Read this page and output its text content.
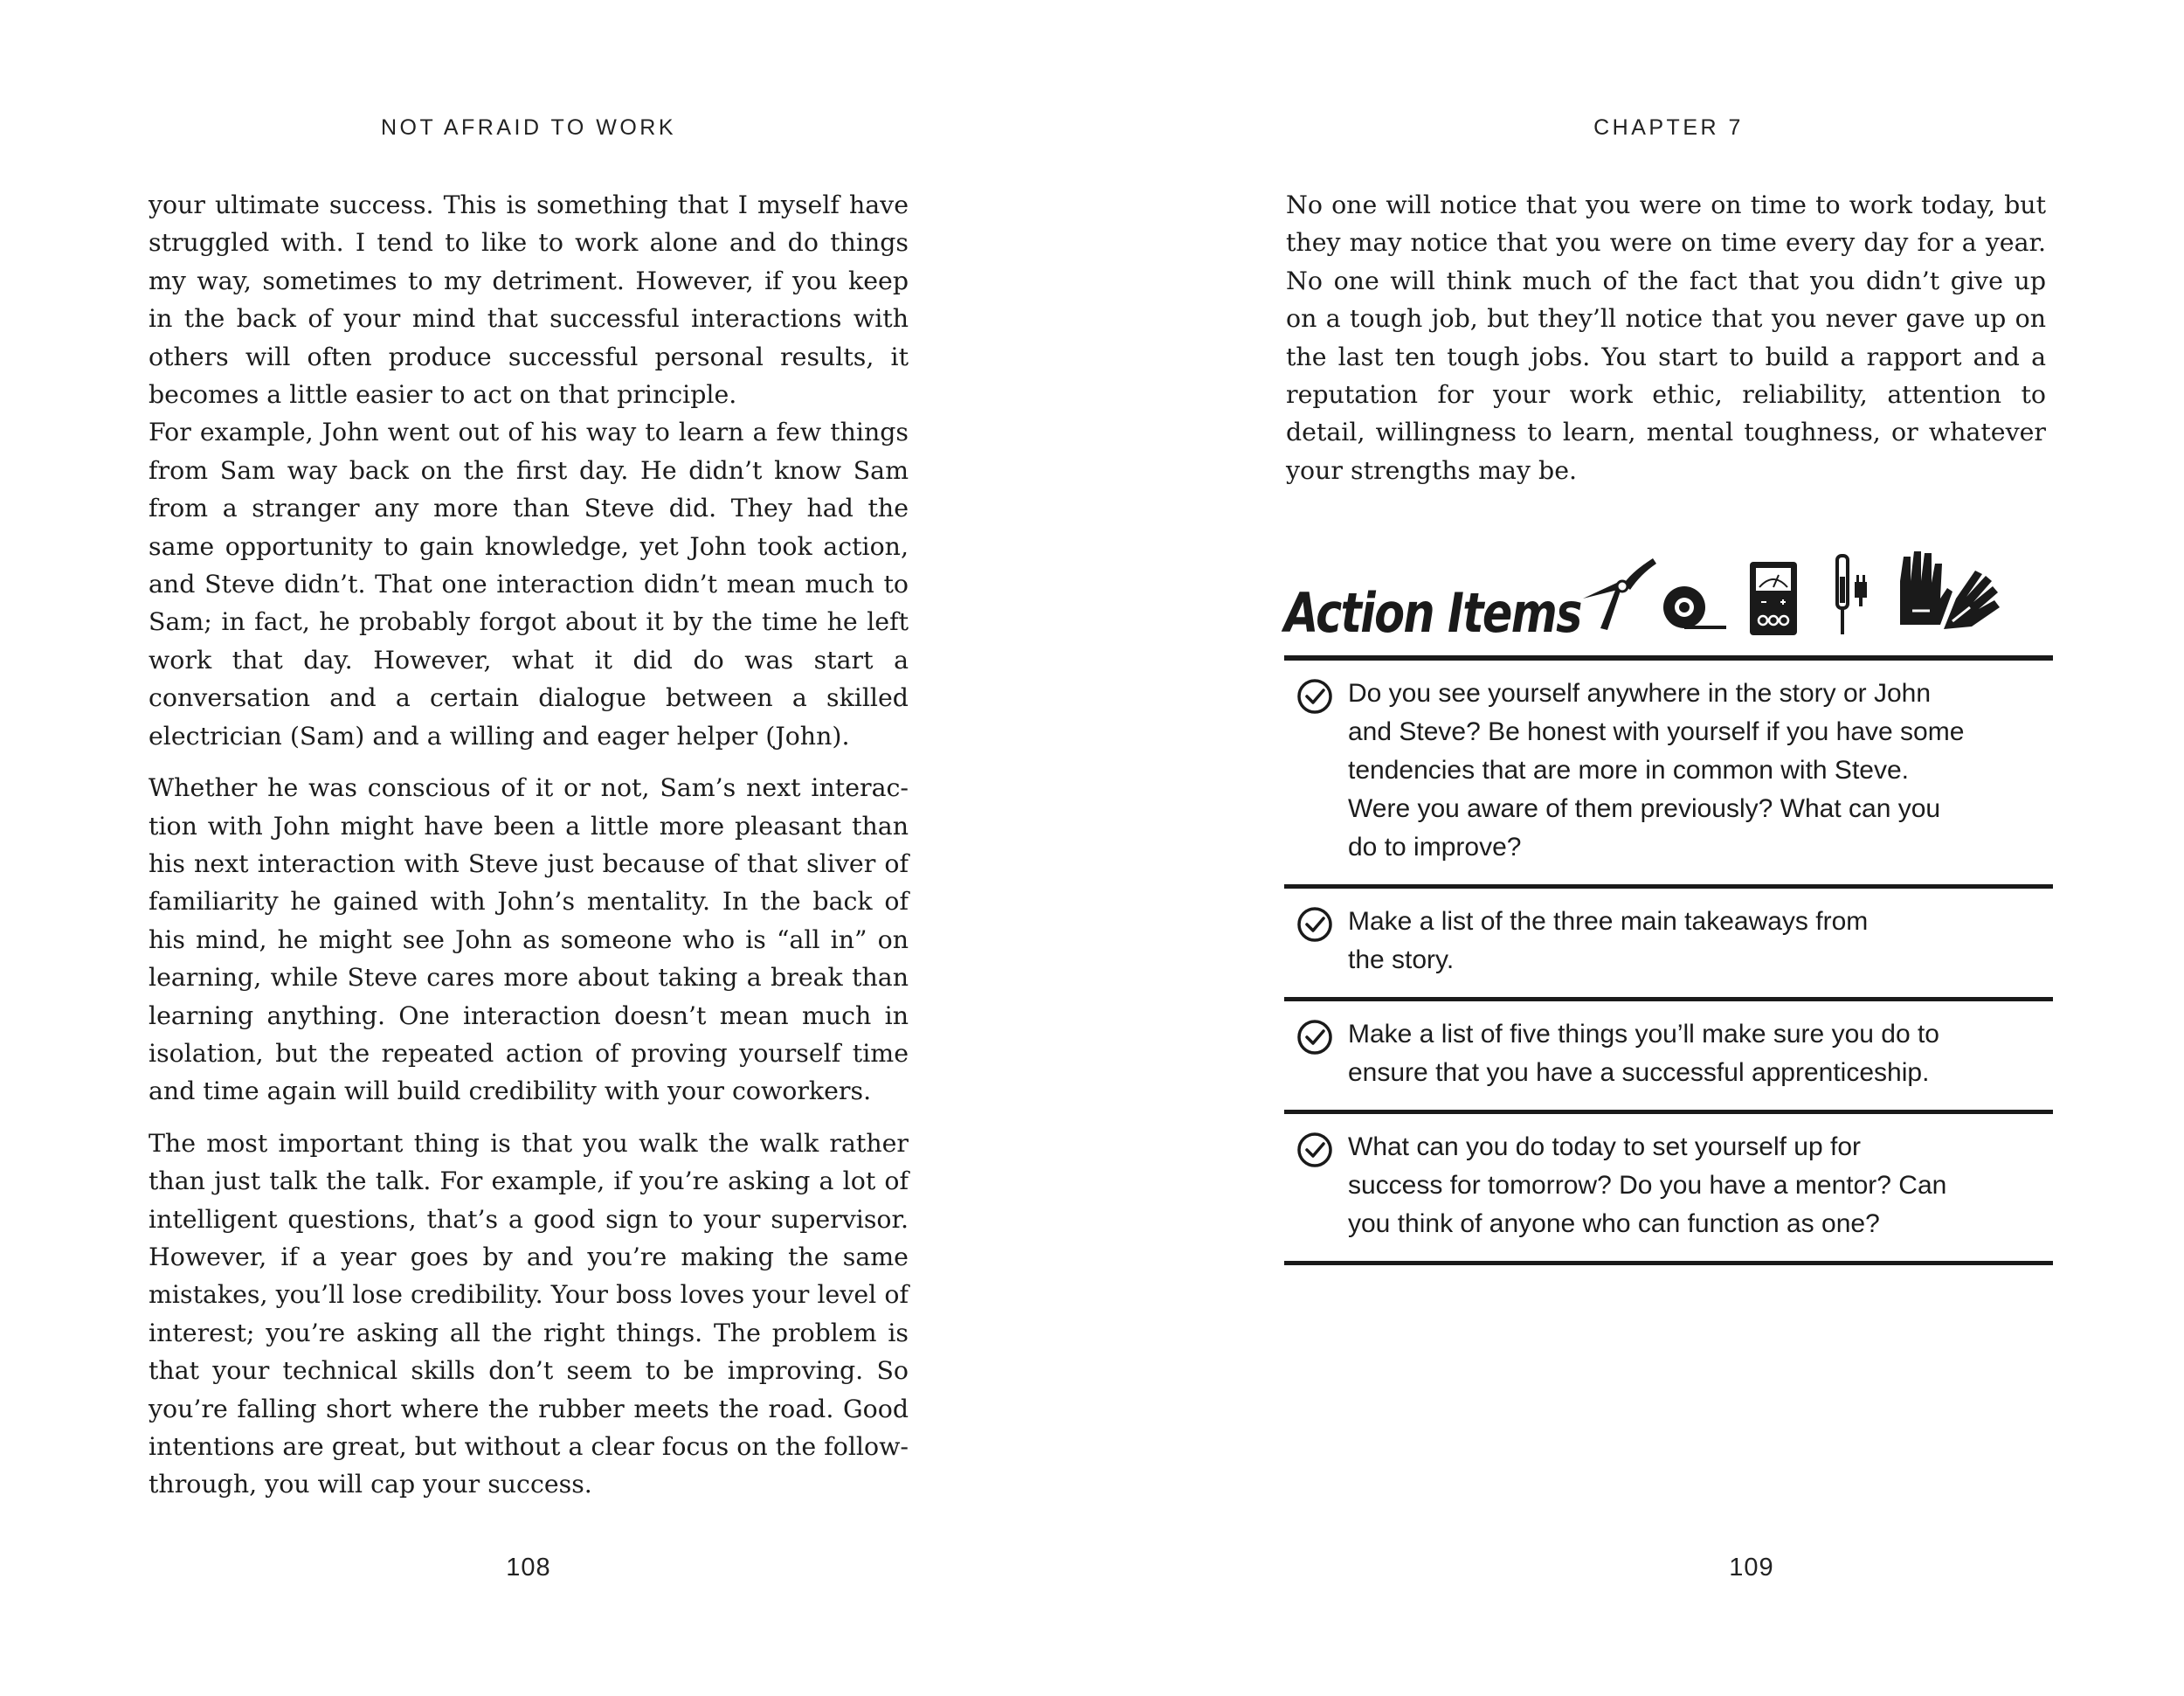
NOT AFRAID TO WORK

your ultimate success. This is something that I myself have struggled with. I tend to like to work alone and do things my way, sometimes to my detriment. However, if you keep in the back of your mind that successful interactions with others will often produce successful personal results, it becomes a little easier to act on that principle.

For example, John went out of his way to learn a few things from Sam way back on the first day. He didn’t know Sam from a stranger any more than Steve did. They had the same opportunity to gain knowledge, yet John took action, and Steve didn’t. That one interaction didn’t mean much to Sam; in fact, he probably forgot about it by the time he left work that day. However, what it did do was start a conversation and a certain dialogue between a skilled electrician (Sam) and a willing and eager helper (John).

Whether he was conscious of it or not, Sam’s next interaction with John might have been a little more pleasant than his next interaction with Steve just because of that sliver of familiarity he gained with John’s mentality. In the back of his mind, he might see John as someone who is “all in” on learning, while Steve cares more about taking a break than learning anything. One interaction doesn’t mean much in isolation, but the repeated action of proving yourself time and time again will build credibility with your coworkers.

The most important thing is that you walk the walk rather than just talk the talk. For example, if you’re asking a lot of intelligent questions, that’s a good sign to your supervisor. However, if a year goes by and you’re making the same mistakes, you’ll lose credibility. Your boss loves your level of interest; you’re asking all the right things. The problem is that your technical skills don’t seem to be improving. So you’re falling short where the rubber meets the road. Good intentions are great, but without a clear focus on the follow-through, you will cap your success.

108
CHAPTER 7

No one will notice that you were on time to work today, but they may notice that you were on time every day for a year. No one will think much of the fact that you didn’t give up on a tough job, but they’ll notice that you never gave up on the last ten tough jobs. You start to build a rapport and a reputation for your work ethic, reliability, attention to detail, willingness to learn, mental toughness, or whatever your strengths may be.

Action Items
Do you see yourself anywhere in the story or John
and Steve? Be honest with yourself if you have some
tendencies that are more in common with Steve.
Were you aware of them previously? What can you
do to improve?
Make a list of the three main takeaways from
the story.
Make a list of five things you’ll make sure you do to
ensure that you have a successful apprenticeship.
What can you do today to set yourself up for
success for tomorrow? Do you have a mentor? Can
you think of anyone who can function as one?
109
